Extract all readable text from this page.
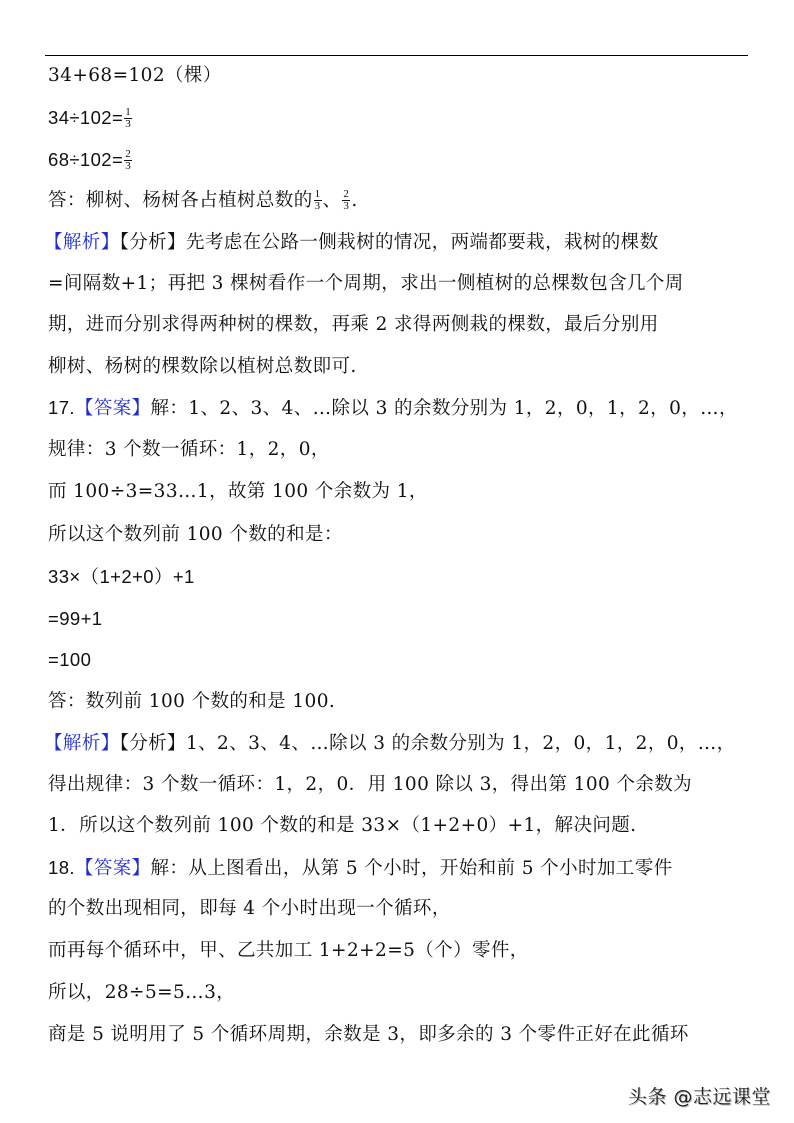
34+68=102（棵）
$34\div 102= \frac{1}{3}$
$68\div 102= \frac{2}{3}$
答：柳树、杨树各占植树总数的 $\frac{1}{3}$ 、 $\frac{2}{3}$ .
【解析】【分析】先考虑在公路一侧栽树的情况，两端都要栽，栽树的棵数
=间隔数+1；再把 3 棵树看作一个周期，求出一侧植树的总棵数包含几个周
期，进而分别求得两种树的棵数，再乘 2 求得两侧栽的棵数，最后分别用
柳树、杨树的棵数除以植树总数即可.
17.【答案】解：1、2、3、4、…除以 3 的余数分别为 1，2，0，1，2，0，…，
规律：3 个数一循环：1，2，0，
而 100÷3=33…1，故第 100 个余数为 1，
所以这个数列前 100 个数的和是：
33×（1+2+0）+1
=99+1
=100
答：数列前 100 个数的和是 100.
【解析】【分析】1、2、3、4、…除以 3 的余数分别为 1，2，0，1，2，0，…，
得出规律：3 个数一循环：1，2，0．用 100 除以 3，得出第 100 个余数为
1．所以这个数列前 100 个数的和是 33×（1+2+0）+1，解决问题.
18.【答案】解：从上图看出，从第 5 个小时，开始和前 5 个小时加工零件
的个数出现相同，即每 4 个小时出现一个循环，
而再每个循环中，甲、乙共加工 1+2+2=5（个）零件，
所以，28÷5=5…3，
商是 5 说明用了 5 个循环周期，余数是 3，即多余的 3 个零件正好在此循环
头条 @志远课堂
